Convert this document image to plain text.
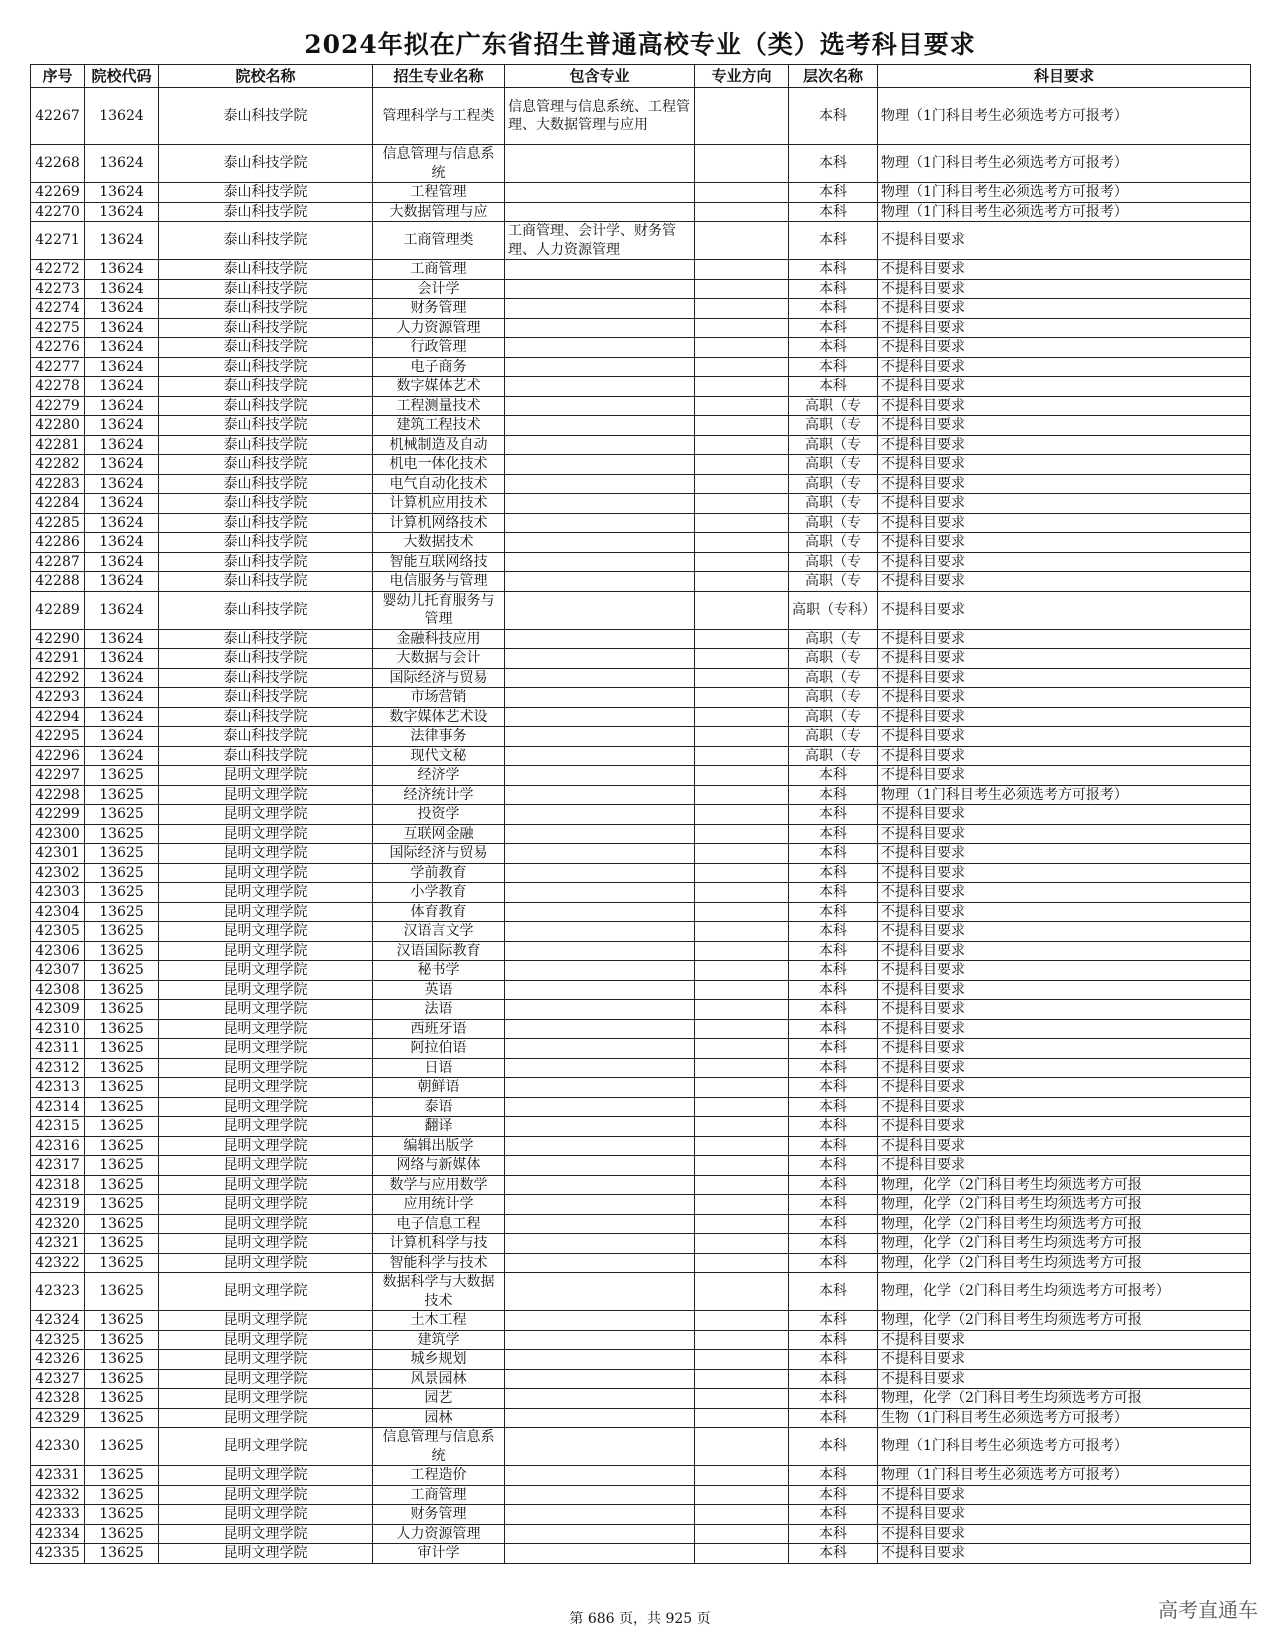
2024年拟在广东省招生普通高校专业（类）选考科目要求
序号	院校代码	院校名称	招生专业名称	包含专业	专业方向	层次名称	科目要求
42267	13624	泰山科技学院	管理科学与工程类	信息管理与信息系统、工程管理、大数据管理与应用		本科	物理（1门科目考生必须选考方可报考）
42268	13624	泰山科技学院	信息管理与信息系统			本科	物理（1门科目考生必须选考方可报考）
42269	13624	泰山科技学院	工程管理			本科	物理（1门科目考生必须选考方可报考）
42270	13624	泰山科技学院	大数据管理与应			本科	物理（1门科目考生必须选考方可报考）
42271	13624	泰山科技学院	工商管理类	工商管理、会计学、财务管理、人力资源管理		本科	不提科目要求
42272	13624	泰山科技学院	工商管理			本科	不提科目要求
42273	13624	泰山科技学院	会计学			本科	不提科目要求
42274	13624	泰山科技学院	财务管理			本科	不提科目要求
42275	13624	泰山科技学院	人力资源管理			本科	不提科目要求
42276	13624	泰山科技学院	行政管理			本科	不提科目要求
42277	13624	泰山科技学院	电子商务			本科	不提科目要求
42278	13624	泰山科技学院	数字媒体艺术			本科	不提科目要求
42279	13624	泰山科技学院	工程测量技术			高职（专	不提科目要求
42280	13624	泰山科技学院	建筑工程技术			高职（专	不提科目要求
42281	13624	泰山科技学院	机械制造及自动			高职（专	不提科目要求
42282	13624	泰山科技学院	机电一体化技术			高职（专	不提科目要求
42283	13624	泰山科技学院	电气自动化技术			高职（专	不提科目要求
42284	13624	泰山科技学院	计算机应用技术			高职（专	不提科目要求
42285	13624	泰山科技学院	计算机网络技术			高职（专	不提科目要求
42286	13624	泰山科技学院	大数据技术			高职（专	不提科目要求
42287	13624	泰山科技学院	智能互联网络技			高职（专	不提科目要求
42288	13624	泰山科技学院	电信服务与管理			高职（专	不提科目要求
42289	13624	泰山科技学院	婴幼儿托育服务与管理			高职（专科）	不提科目要求
42290	13624	泰山科技学院	金融科技应用			高职（专	不提科目要求
42291	13624	泰山科技学院	大数据与会计			高职（专	不提科目要求
42292	13624	泰山科技学院	国际经济与贸易			高职（专	不提科目要求
42293	13624	泰山科技学院	市场营销			高职（专	不提科目要求
42294	13624	泰山科技学院	数字媒体艺术设			高职（专	不提科目要求
42295	13624	泰山科技学院	法律事务			高职（专	不提科目要求
42296	13624	泰山科技学院	现代文秘			高职（专	不提科目要求
42297	13625	昆明文理学院	经济学			本科	不提科目要求
42298	13625	昆明文理学院	经济统计学			本科	物理（1门科目考生必须选考方可报考）
42299	13625	昆明文理学院	投资学			本科	不提科目要求
42300	13625	昆明文理学院	互联网金融			本科	不提科目要求
42301	13625	昆明文理学院	国际经济与贸易			本科	不提科目要求
42302	13625	昆明文理学院	学前教育			本科	不提科目要求
42303	13625	昆明文理学院	小学教育			本科	不提科目要求
42304	13625	昆明文理学院	体育教育			本科	不提科目要求
42305	13625	昆明文理学院	汉语言文学			本科	不提科目要求
42306	13625	昆明文理学院	汉语国际教育			本科	不提科目要求
42307	13625	昆明文理学院	秘书学			本科	不提科目要求
42308	13625	昆明文理学院	英语			本科	不提科目要求
42309	13625	昆明文理学院	法语			本科	不提科目要求
42310	13625	昆明文理学院	西班牙语			本科	不提科目要求
42311	13625	昆明文理学院	阿拉伯语			本科	不提科目要求
42312	13625	昆明文理学院	日语			本科	不提科目要求
42313	13625	昆明文理学院	朝鲜语			本科	不提科目要求
42314	13625	昆明文理学院	泰语			本科	不提科目要求
42315	13625	昆明文理学院	翻译			本科	不提科目要求
42316	13625	昆明文理学院	编辑出版学			本科	不提科目要求
42317	13625	昆明文理学院	网络与新媒体			本科	不提科目要求
42318	13625	昆明文理学院	数学与应用数学			本科	物理，化学（2门科目考生均须选考方可报
42319	13625	昆明文理学院	应用统计学			本科	物理，化学（2门科目考生均须选考方可报
42320	13625	昆明文理学院	电子信息工程			本科	物理，化学（2门科目考生均须选考方可报
42321	13625	昆明文理学院	计算机科学与技			本科	物理，化学（2门科目考生均须选考方可报
42322	13625	昆明文理学院	智能科学与技术			本科	物理，化学（2门科目考生均须选考方可报
42323	13625	昆明文理学院	数据科学与大数据技术			本科	物理，化学（2门科目考生均须选考方可报考）
42324	13625	昆明文理学院	土木工程			本科	物理，化学（2门科目考生均须选考方可报
42325	13625	昆明文理学院	建筑学			本科	不提科目要求
42326	13625	昆明文理学院	城乡规划			本科	不提科目要求
42327	13625	昆明文理学院	风景园林			本科	不提科目要求
42328	13625	昆明文理学院	园艺			本科	物理，化学（2门科目考生均须选考方可报
42329	13625	昆明文理学院	园林			本科	生物（1门科目考生必须选考方可报考）
42330	13625	昆明文理学院	信息管理与信息系统			本科	物理（1门科目考生必须选考方可报考）
42331	13625	昆明文理学院	工程造价			本科	物理（1门科目考生必须选考方可报考）
42332	13625	昆明文理学院	工商管理			本科	不提科目要求
42333	13625	昆明文理学院	财务管理			本科	不提科目要求
42334	13625	昆明文理学院	人力资源管理			本科	不提科目要求
42335	13625	昆明文理学院	审计学			本科	不提科目要求
第 686 页，共 925 页	高考直通车
